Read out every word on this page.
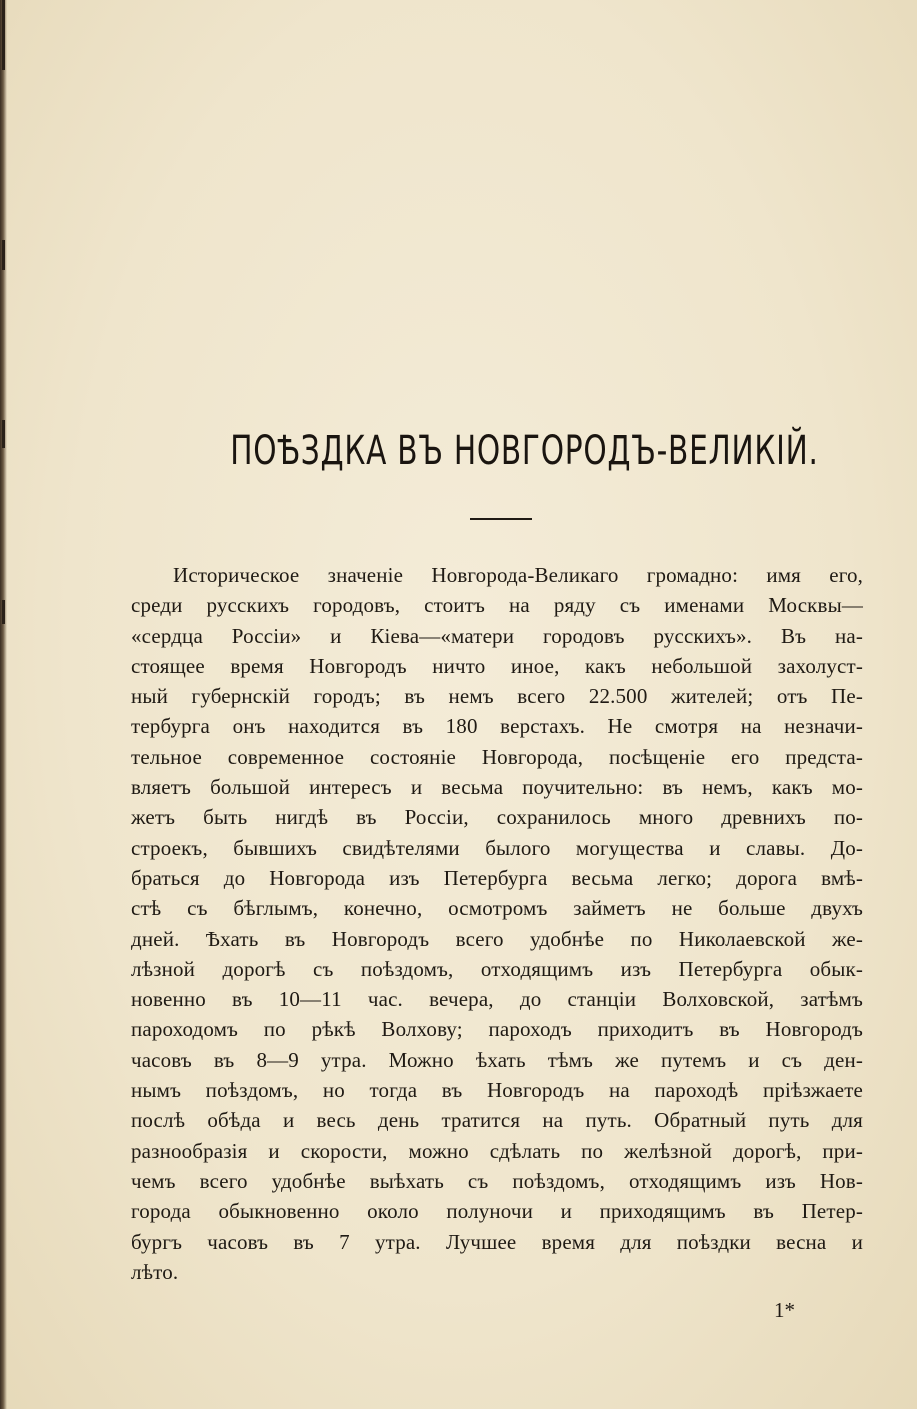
ПОѢЗДКА ВЪ НОВГОРОДЪ-ВЕЛИКІЙ.
Историческое значеніе Новгорода-Великаго громадно: имя его,
среди русскихъ городовъ, стоитъ на ряду съ именами Москвы—
«сердца Россіи» и Кіева—«матери городовъ русскихъ». Въ на-
стоящее время Новгородъ ничто иное, какъ небольшой захолуст-
ный губернскій городъ; въ немъ всего 22.500 жителей; отъ Пе-
тербурга онъ находится въ 180 верстахъ. Не смотря на незначи-
тельное современное состояніе Новгорода, посѣщеніе его предста-
вляетъ большой интересъ и весьма поучительно: въ немъ, какъ мо-
жетъ быть нигдѣ въ Россіи, сохранилось много древнихъ по-
строекъ, бывшихъ свидѣтелями былого могущества и славы. До-
браться до Новгорода изъ Петербурга весьма легко; дорога вмѣ-
стѣ съ бѣглымъ, конечно, осмотромъ займетъ не больше двухъ
дней. Ѣхать въ Новгородъ всего удобнѣе по Николаевской же-
лѣзной дорогѣ съ поѣздомъ, отходящимъ изъ Петербурга обык-
новенно въ 10—11 час. вечера, до станціи Волховской, затѣмъ
пароходомъ по рѣкѣ Волхову; пароходъ приходитъ въ Новгородъ
часовъ въ 8—9 утра. Можно ѣхать тѣмъ же путемъ и съ ден-
нымъ поѣздомъ, но тогда въ Новгородъ на пароходѣ пріѣзжаете
послѣ обѣда и весь день тратится на путь. Обратный путь для
разнообразія и скорости, можно сдѣлать по желѣзной дорогѣ, при-
чемъ всего удобнѣе выѣхать съ поѣздомъ, отходящимъ изъ Нов-
города обыкновенно около полуночи и приходящимъ въ Петер-
бургъ часовъ въ 7 утра. Лучшее время для поѣздки весна и
лѣто.
1*
